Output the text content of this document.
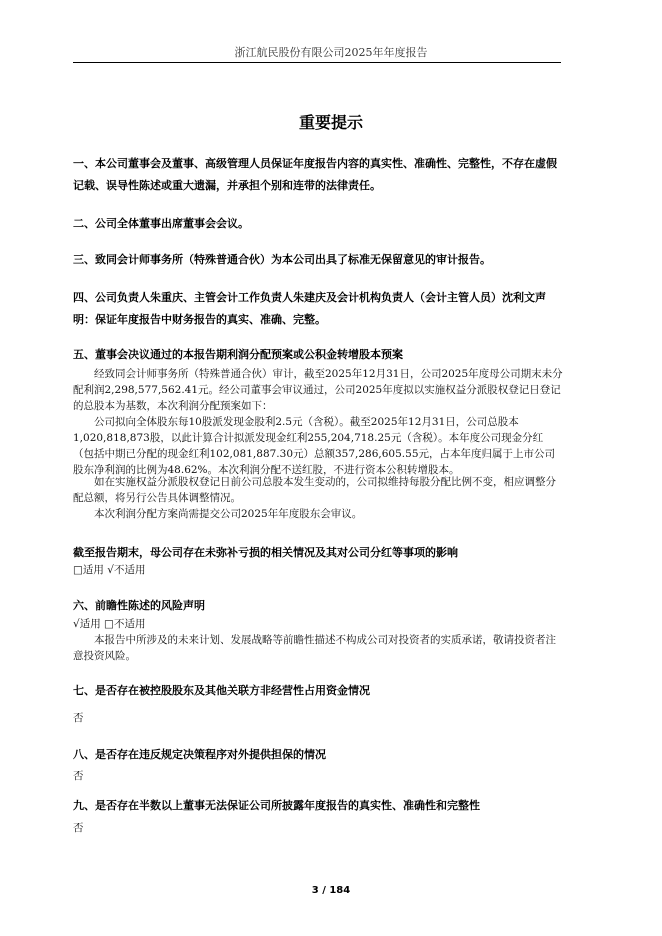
浙江航民股份有限公司2025年年度报告
重要提示
一、本公司董事会及董事、高级管理人员保证年度报告内容的真实性、准确性、完整性，不存在虚假记载、误导性陈述或重大遗漏，并承担个别和连带的法律责任。
二、公司全体董事出席董事会会议。
三、致同会计师事务所（特殊普通合伙）为本公司出具了标准无保留意见的审计报告。
四、公司负责人朱重庆、主管会计工作负责人朱建庆及会计机构负责人（会计主管人员）沈利文声明：保证年度报告中财务报告的真实、准确、完整。
五、董事会决议通过的本报告期利润分配预案或公积金转增股本预案
经致同会计师事务所（特殊普通合伙）审计，截至2025年12月31日，公司2025年度母公司期末未分配利润2,298,577,562.41元。经公司董事会审议通过，公司2025年度拟以实施权益分派股权登记日登记的总股本为基数，本次利润分配预案如下：
公司拟向全体股东每10股派发现金股利2.5元（含税）。截至2025年12月31日，公司总股本1,020,818,873股，以此计算合计拟派发现金红利255,204,718.25元（含税）。本年度公司现金分红（包括中期已分配的现金红利102,081,887.30元）总额357,286,605.55元，占本年度归属于上市公司股东净利润的比例为48.62%。本次利润分配不送红股，不进行资本公积转增股本。
如在实施权益分派股权登记日前公司总股本发生变动的，公司拟维持每股分配比例不变，相应调整分配总额，将另行公告具体调整情况。
本次利润分配方案尚需提交公司2025年年度股东会审议。
截至报告期末，母公司存在未弥补亏损的相关情况及其对公司分红等事项的影响
□适用 √不适用
六、前瞻性陈述的风险声明
√适用 □不适用
本报告中所涉及的未来计划、发展战略等前瞻性描述不构成公司对投资者的实质承诺，敬请投资者注意投资风险。
七、是否存在被控股股东及其他关联方非经营性占用资金情况
否
八、是否存在违反规定决策程序对外提供担保的情况
否
九、是否存在半数以上董事无法保证公司所披露年度报告的真实性、准确性和完整性
否
3 / 184
